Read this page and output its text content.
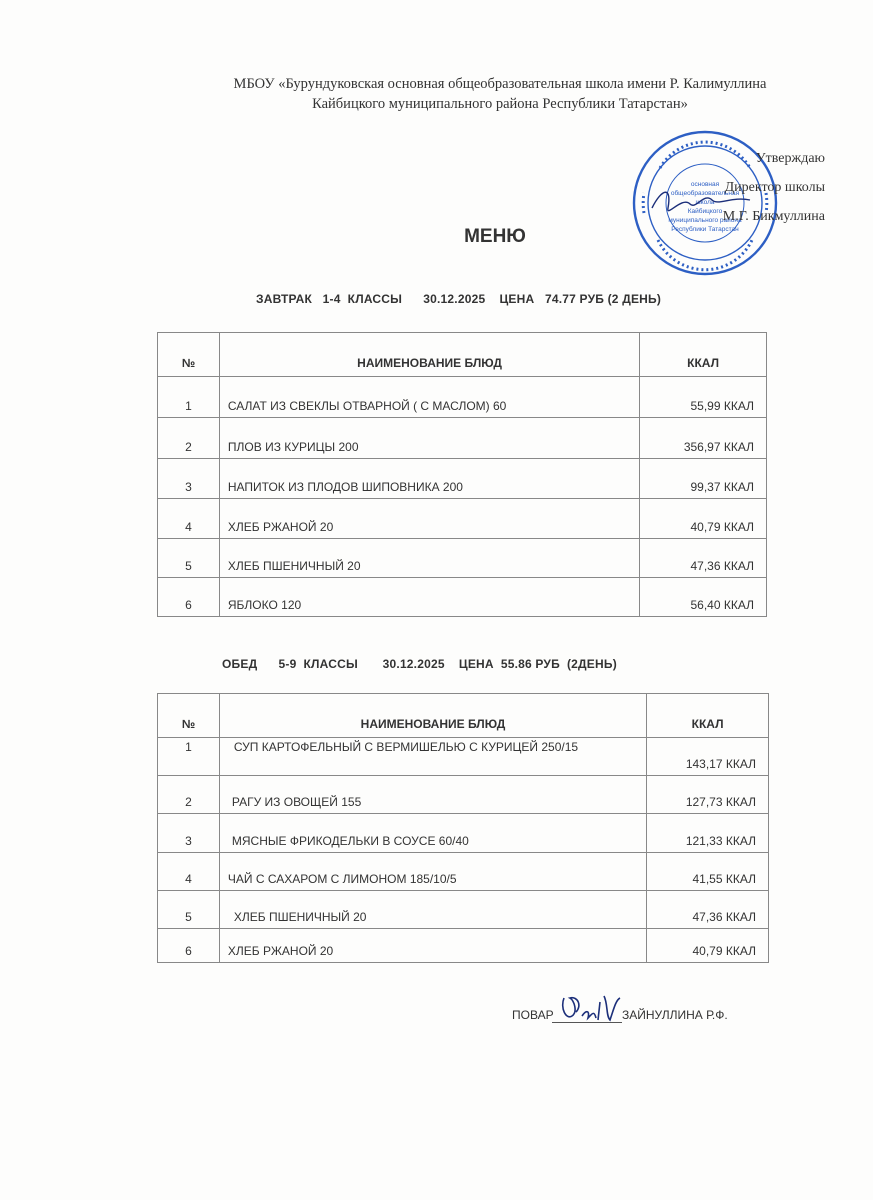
МБОУ «Бурундуковская основная общеобразовательная школа имени Р. Калимуллина
Кайбицкого муниципального района Республики Татарстан»
основная
общеобразовательная
школа
Кайбицкого
муниципального района
Республики Татарстан
Утверждаю
Директор школы
М.Г. Бикмуллина
МЕНЮ
ЗАВТРАК   1-4  КЛАССЫ      30.12.2025    ЦЕНА   74.77 РУБ (2 ДЕНЬ)
№	НАИМЕНОВАНИЕ БЛЮД	ККАЛ
1	САЛАТ ИЗ СВЕКЛЫ ОТВАРНОЙ ( С МАСЛОМ) 60	55,99 ККАЛ
2	ПЛОВ ИЗ КУРИЦЫ 200	356,97 ККАЛ
3	НАПИТОК ИЗ ПЛОДОВ ШИПОВНИКА 200	99,37 ККАЛ
4	ХЛЕБ РЖАНОЙ 20	40,79 ККАЛ
5	ХЛЕБ ПШЕНИЧНЫЙ 20	47,36 ККАЛ
6	ЯБЛОКО 120	56,40 ККАЛ
ОБЕД      5-9  КЛАССЫ       30.12.2025    ЦЕНА  55.86 РУБ  (2ДЕНЬ)
№	НАИМЕНОВАНИЕ БЛЮД	ККАЛ
1	СУП КАРТОФЕЛЬНЫЙ С ВЕРМИШЕЛЬЮ С КУРИЦЕЙ 250/15	143,17 ККАЛ
2	РАГУ ИЗ ОВОЩЕЙ 155	127,73 ККАЛ
3	МЯСНЫЕ ФРИКОДЕЛЬКИ В СОУСЕ 60/40	121,33 ККАЛ
4	ЧАЙ С САХАРОМ С ЛИМОНОМ 185/10/5	41,55 ККАЛ
5	ХЛЕБ ПШЕНИЧНЫЙ 20	47,36 ККАЛ
6	ХЛЕБ РЖАНОЙ 20	40,79 ККАЛ
ПОВАР	ЗАЙНУЛЛИНА Р.Ф.
